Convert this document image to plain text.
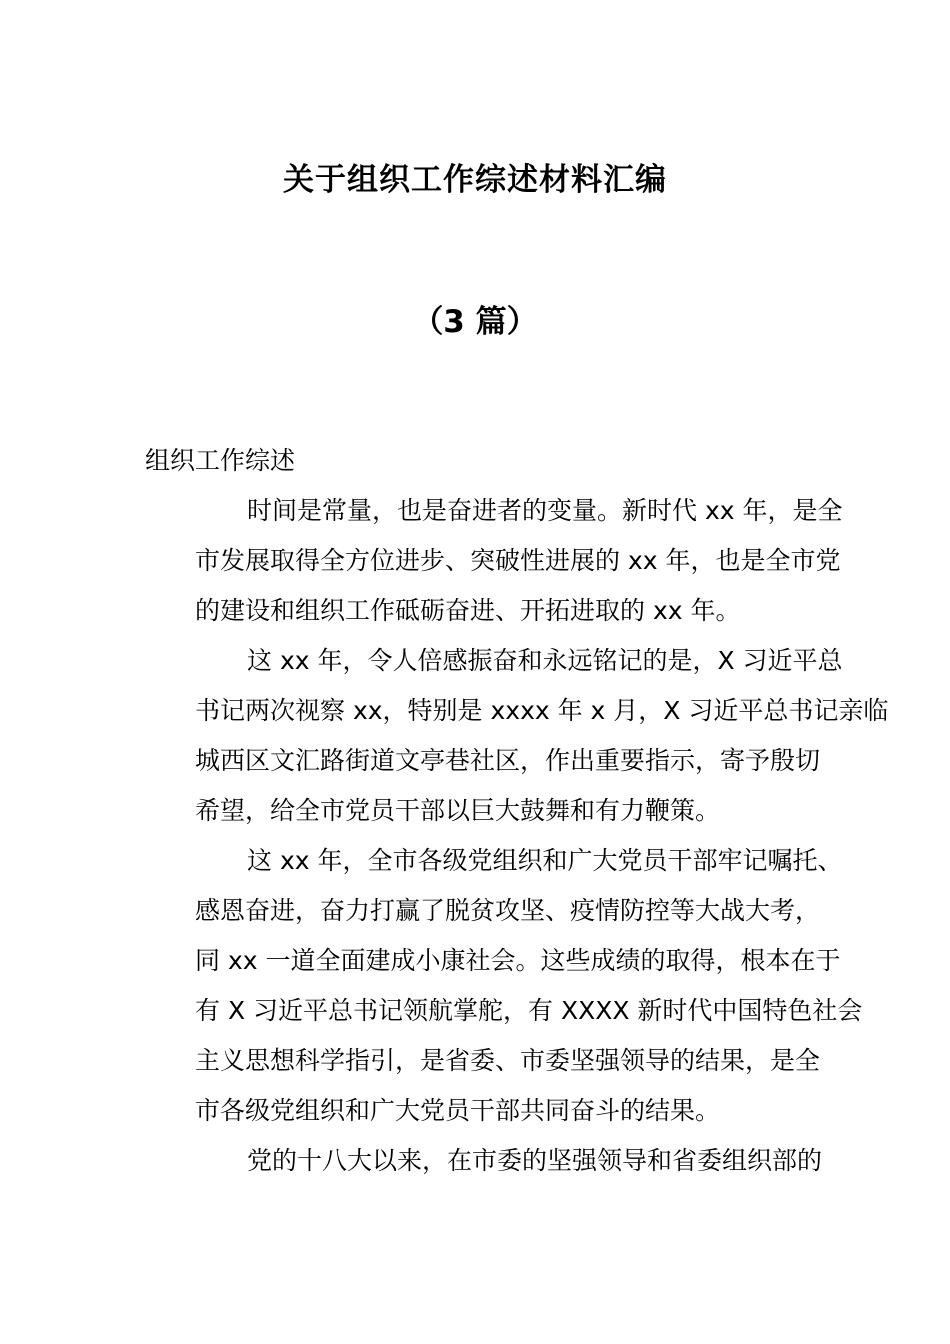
关于组织工作综述材料汇编
（3 篇）
组织工作综述
时间是常量，也是奋进者的变量。新时代 xx 年，是全
市发展取得全方位进步、突破性进展的 xx 年，也是全市党
的建设和组织工作砥砺奋进、开拓进取的 xx 年。
这 xx 年，令人倍感振奋和永远铭记的是，X 习近平总
书记两次视察 xx，特别是 xxxx 年 x 月，X 习近平总书记亲临
城西区文汇路街道文亭巷社区，作出重要指示，寄予殷切
希望，给全市党员干部以巨大鼓舞和有力鞭策。
这 xx 年，全市各级党组织和广大党员干部牢记嘱托、
感恩奋进，奋力打赢了脱贫攻坚、疫情防控等大战大考，
同 xx 一道全面建成小康社会。这些成绩的取得，根本在于
有 X 习近平总书记领航掌舵，有 XXXX 新时代中国特色社会
主义思想科学指引，是省委、市委坚强领导的结果，是全
市各级党组织和广大党员干部共同奋斗的结果。
党的十八大以来，在市委的坚强领导和省委组织部的
